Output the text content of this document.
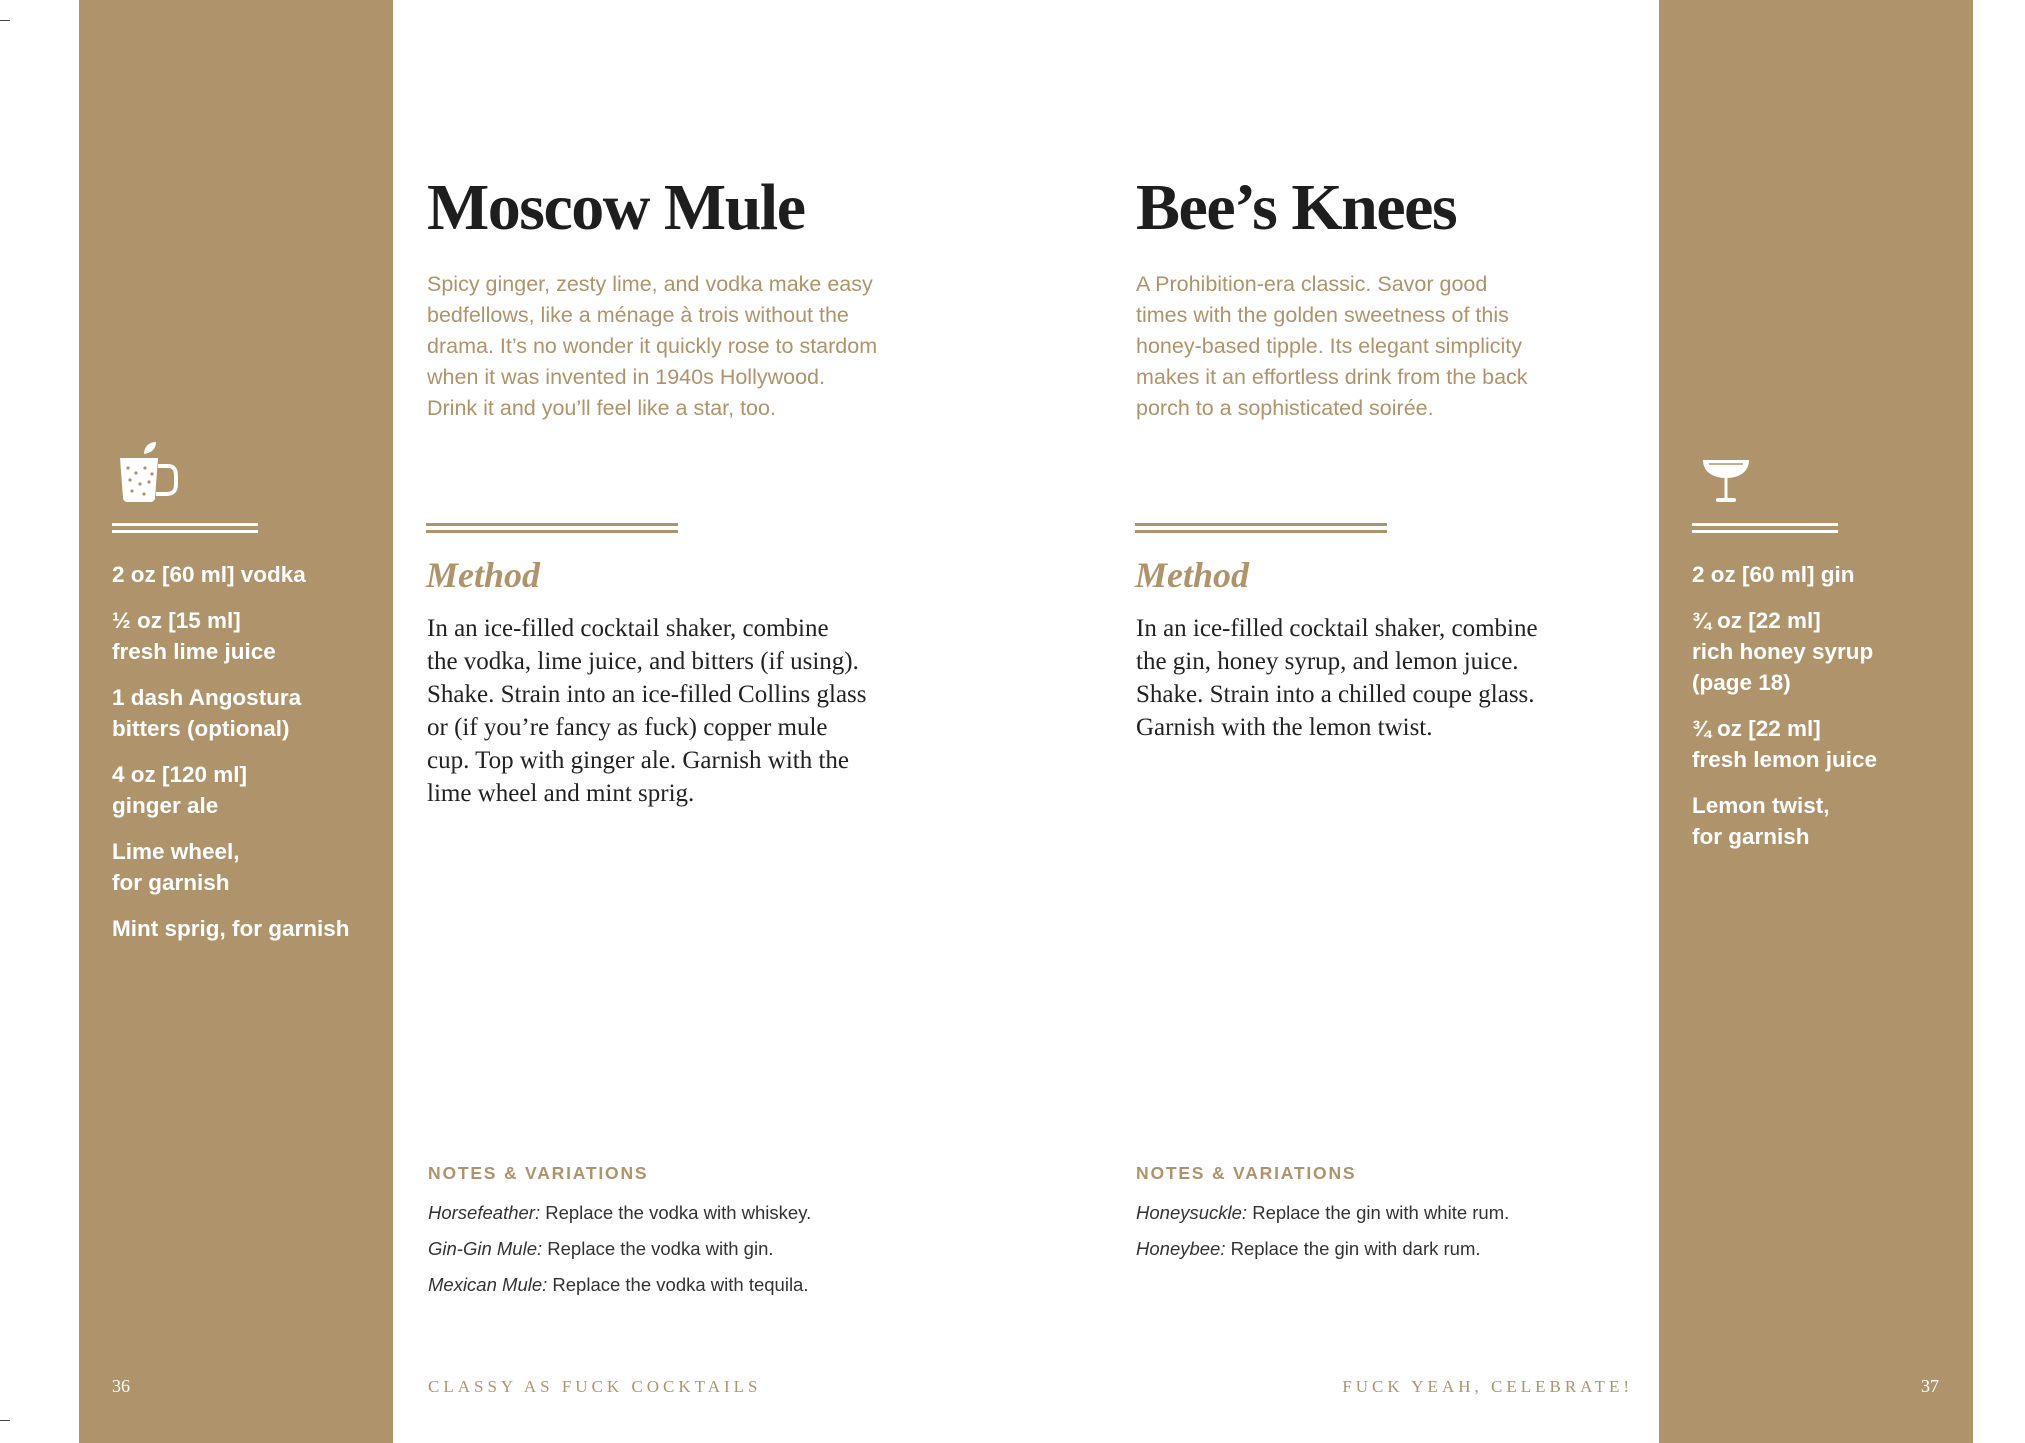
2 oz [60 ml] vodka
½ oz [15 ml]
fresh lime juice
1 dash Angostura
bitters (optional)
4 oz [120 ml]
ginger ale
Lime wheel,
for garnish
Mint sprig, for garnish
36
Moscow Mule

Spicy ginger, zesty lime, and vodka make easy
bedfellows, like a ménage à trois without the
drama. It’s no wonder it quickly rose to stardom
when it was invented in 1940s Hollywood.
Drink it and you’ll feel like a star, too.

Method

In an ice-filled cocktail shaker, combine
the vodka, lime juice, and bitters (if using).
Shake. Strain into an ice-filled Collins glass
or (if you’re fancy as fuck) copper mule
cup. Top with ginger ale. Garnish with the
lime wheel and mint sprig.

NOTES & VARIATIONS
Horsefeather: Replace the vodka with whiskey.
Gin-Gin Mule: Replace the vodka with gin.
Mexican Mule: Replace the vodka with tequila.
CLASSY AS FUCK COCKTAILS
Bee’s Knees

A Prohibition-era classic. Savor good
times with the golden sweetness of this
honey-based tipple. Its elegant simplicity
makes it an effortless drink from the back
porch to a sophisticated soirée.

Method

In an ice-filled cocktail shaker, combine
the gin, honey syrup, and lemon juice.
Shake. Strain into a chilled coupe glass.
Garnish with the lemon twist.

NOTES & VARIATIONS
Honeysuckle: Replace the gin with white rum.
Honeybee: Replace the gin with dark rum.
FUCK YEAH, CELEBRATE!
2 oz [60 ml] gin
¾ oz [22 ml]
rich honey syrup
(page 18)
¾ oz [22 ml]
fresh lemon juice
Lemon twist,
for garnish
37
